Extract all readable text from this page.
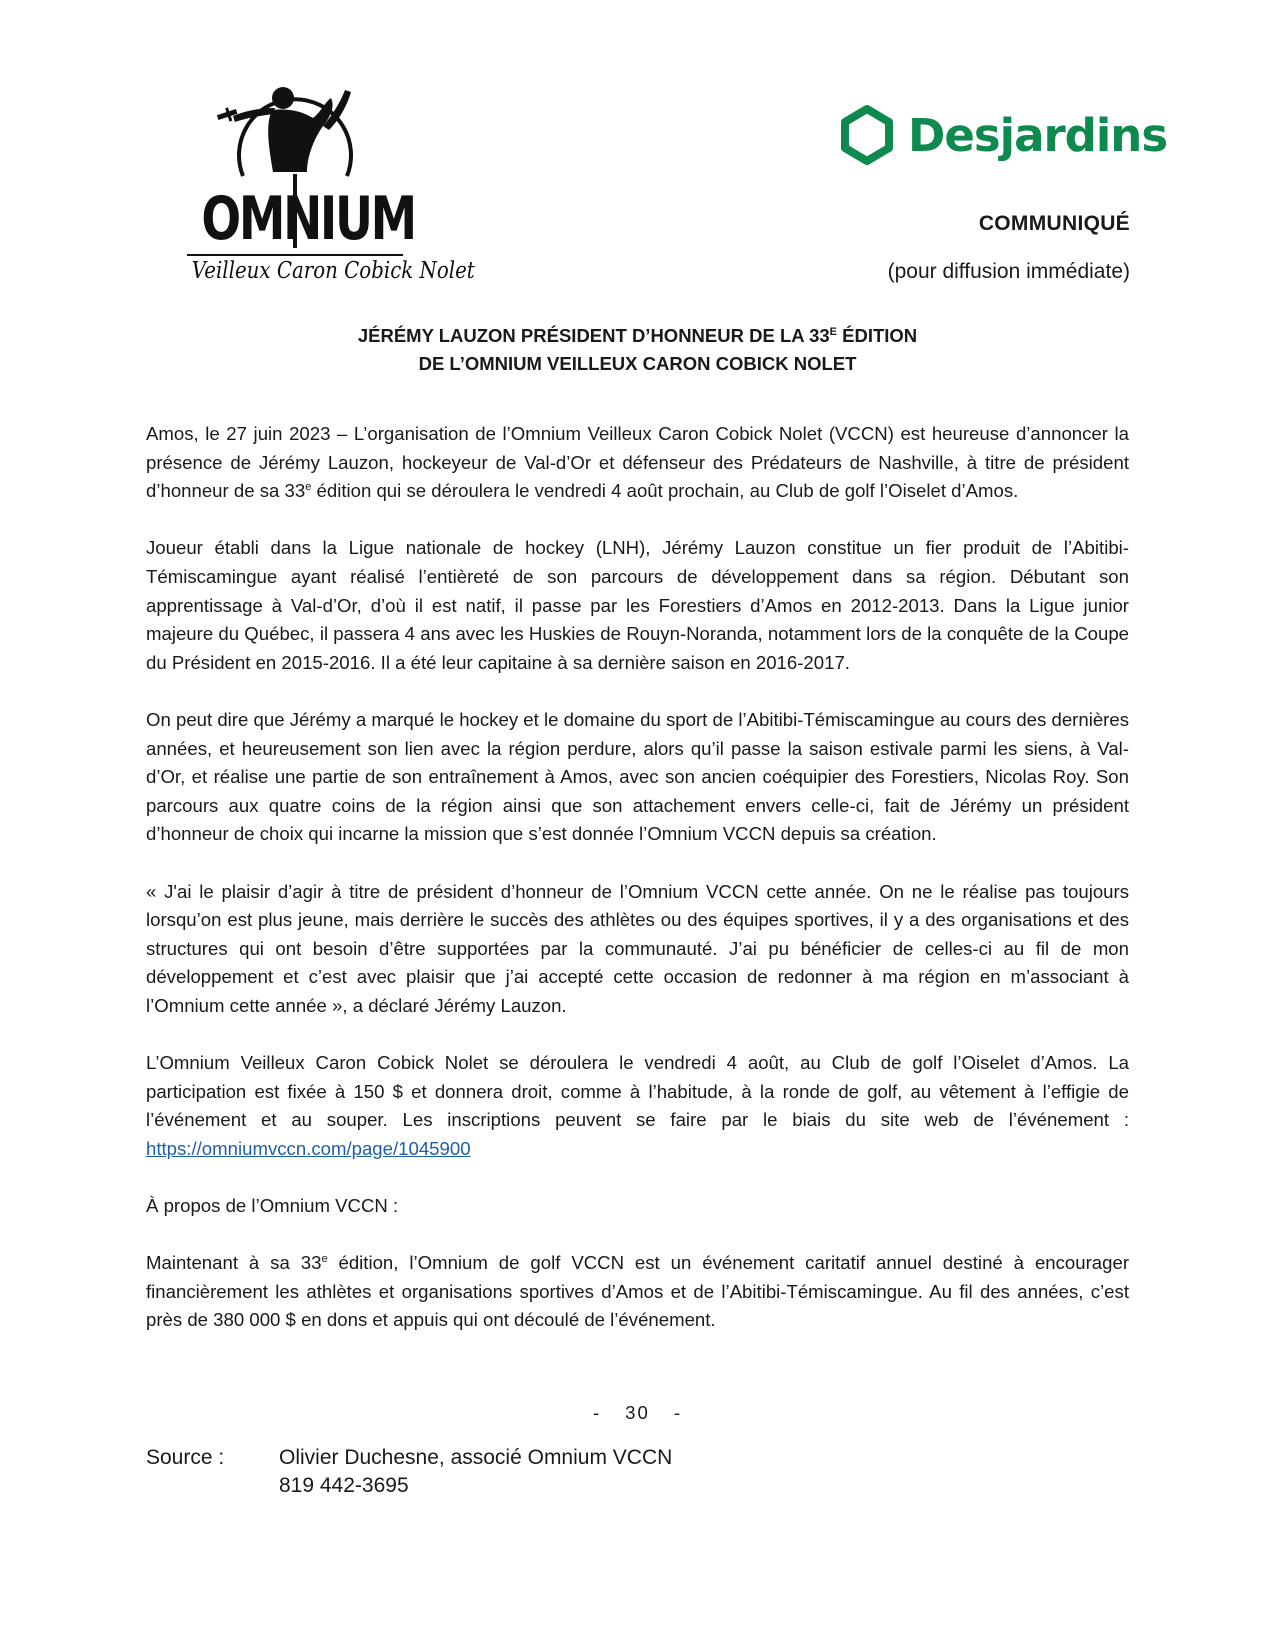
OMNIUM
Veilleux Caron Cobick Nolet
Desjardins
COMMUNIQUÉ
(pour diffusion immédiate)
JÉRÉMY LAUZON PRÉSIDENT D’HONNEUR DE LA $33^E$ ÉDITION
DE L’OMNIUM VEILLEUX CARON COBICK NOLET

Amos, le 27 juin 2023 – L’organisation de l’Omnium Veilleux Caron Cobick Nolet (VCCN) est heureuse d’annoncer la présence de Jérémy Lauzon, hockeyeur de Val-d’Or et défenseur des Prédateurs de Nashville, à titre de président d’honneur de sa 33e édition qui se déroulera le vendredi 4 août prochain, au Club de golf l’Oiselet d’Amos.

Joueur établi dans la Ligue nationale de hockey (LNH), Jérémy Lauzon constitue un fier produit de l’Abitibi-Témiscamingue ayant réalisé l’entièreté de son parcours de développement dans sa région. Débutant son apprentissage à Val-d’Or, d’où il est natif, il passe par les Forestiers d’Amos en 2012-2013. Dans la Ligue junior majeure du Québec, il passera 4 ans avec les Huskies de Rouyn-Noranda, notamment lors de la conquête de la Coupe du Président en 2015-2016. Il a été leur capitaine à sa dernière saison en 2016-2017.

On peut dire que Jérémy a marqué le hockey et le domaine du sport de l’Abitibi-Témiscamingue au cours des dernières années, et heureusement son lien avec la région perdure, alors qu’il passe la saison estivale parmi les siens, à Val-d’Or, et réalise une partie de son entraînement à Amos, avec son ancien coéquipier des Forestiers, Nicolas Roy. Son parcours aux quatre coins de la région ainsi que son attachement envers celle-ci, fait de Jérémy un président d’honneur de choix qui incarne la mission que s’est donnée l’Omnium VCCN depuis sa création.

« J'ai le plaisir d’agir à titre de président d’honneur de l’Omnium VCCN cette année. On ne le réalise pas toujours lorsqu’on est plus jeune, mais derrière le succès des athlètes ou des équipes sportives, il y a des organisations et des structures qui ont besoin d’être supportées par la communauté. J’ai pu bénéficier de celles-ci au fil de mon développement et c’est avec plaisir que j’ai accepté cette occasion de redonner à ma région en m’associant à l’Omnium cette année », a déclaré Jérémy Lauzon.

L’Omnium Veilleux Caron Cobick Nolet se déroulera le vendredi 4 août, au Club de golf l’Oiselet d’Amos. La participation est fixée à 150 $ et donnera droit, comme à l’habitude, à la ronde de golf, au vêtement à l’effigie de l’événement et au souper. Les inscriptions peuvent se faire par le biais du site web de l’événement : https://omniumvccn.com/page/1045900

À propos de l’Omnium VCCN :

Maintenant à sa 33e édition, l’Omnium de golf VCCN est un événement caritatif annuel destiné à encourager financièrement les athlètes et organisations sportives d’Amos et de l’Abitibi-Témiscamingue. Au fil des années, c’est près de 380 000 $ en dons et appuis qui ont découlé de l’événement.

- 30 -
Source :	Olivier Duchesne, associé Omnium VCCN
819 442-3695
